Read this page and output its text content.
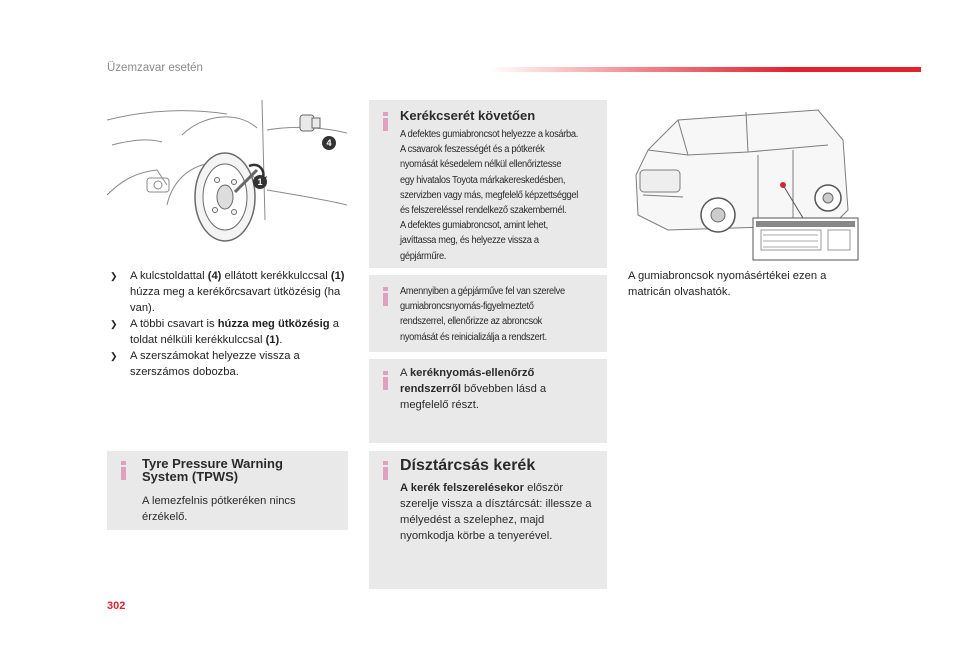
Üzemzavar esetén
4
1
❯ A kulcstoldattal (4) ellátott kerékkulccsal (1) húzza meg a kerékőrcsavart ütközésig (ha van).
❯ A többi csavart is húzza meg ütközésig a toldat nélküli kerékkulccsal (1).
❯ A szerszámokat helyezze vissza a szerszámos dobozba.
Kerékcserét követően
A defektes gumiabroncsot helyezze a kosárba.
A csavarok feszességét és a pótkerék
nyomását késedelem nélkül ellenőriztesse
egy hivatalos Toyota márkakereskedésben,
szervizben vagy más, megfelelő képzettséggel
és felszereléssel rendelkező szakembernél.
A defektes gumiabroncsot, amint lehet,
javíttassa meg, és helyezze vissza a
gépjárműre.
Amennyiben a gépjárműve fel van szerelve
gumiabroncsnyomás-figyelmeztető
rendszerrel, ellenőrizze az abroncsok
nyomását és reinicializálja a rendszert.
A keréknyomás-ellenőrző rendszerről bővebben lásd a megfelelő részt.
Tyre Pressure Warning
System (TPWS)
A lemezfelnis pótkeréken nincs érzékelő.
Dísztárcsás kerék
A kerék felszerelésekor először szerelje vissza a dísztárcsát: illessze a mélyedést a szelephez, majd nyomkodja körbe a tenyerével.
A gumiabroncsok nyomásértékei ezen a matricán olvashatók.
302
